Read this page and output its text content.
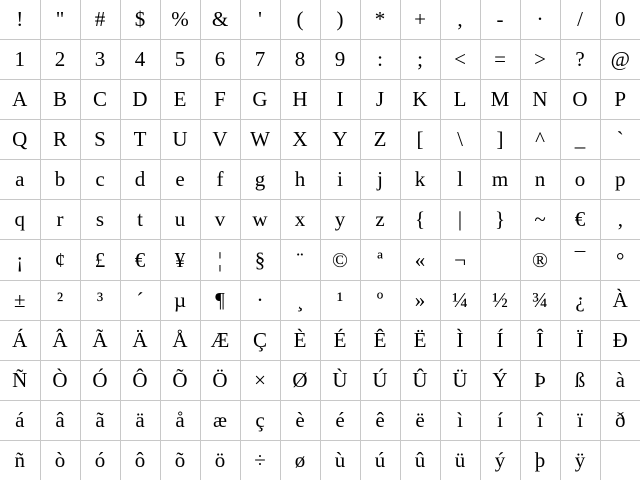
!	"	#	$	%	&	'	(	)	*	+	,	-	·	/	0
1	2	3	4	5	6	7	8	9	:	;	<	=	>	?	@
A	B	C	D	E	F	G	H	I	J	K	L	M	N	O	P
Q	R	S	T	U	V	W	X	Y	Z	[	\	]	^	_	`
a	b	c	d	e	f	g	h	i	j	k	l	m	n	o	p
q	r	s	t	u	v	w	x	y	z	{	|	}	~	€	‚
¡	¢	£	€	¥	¦	§	¨	©	ª	«	¬		®	¯	°
±	²	³	´	µ	¶	·	¸	¹	º	»	¼	½	¾	¿	À
Á	Â	Ã	Ä	Å	Æ	Ç	È	É	Ê	Ë	Ì	Í	Î	Ï	Ð
Ñ	Ò	Ó	Ô	Õ	Ö	×	Ø	Ù	Ú	Û	Ü	Ý	Þ	ß	à
á	â	ã	ä	å	æ	ç	è	é	ê	ë	ì	í	î	ï	ð
ñ	ò	ó	ô	õ	ö	÷	ø	ù	ú	û	ü	ý	þ	ÿ	
